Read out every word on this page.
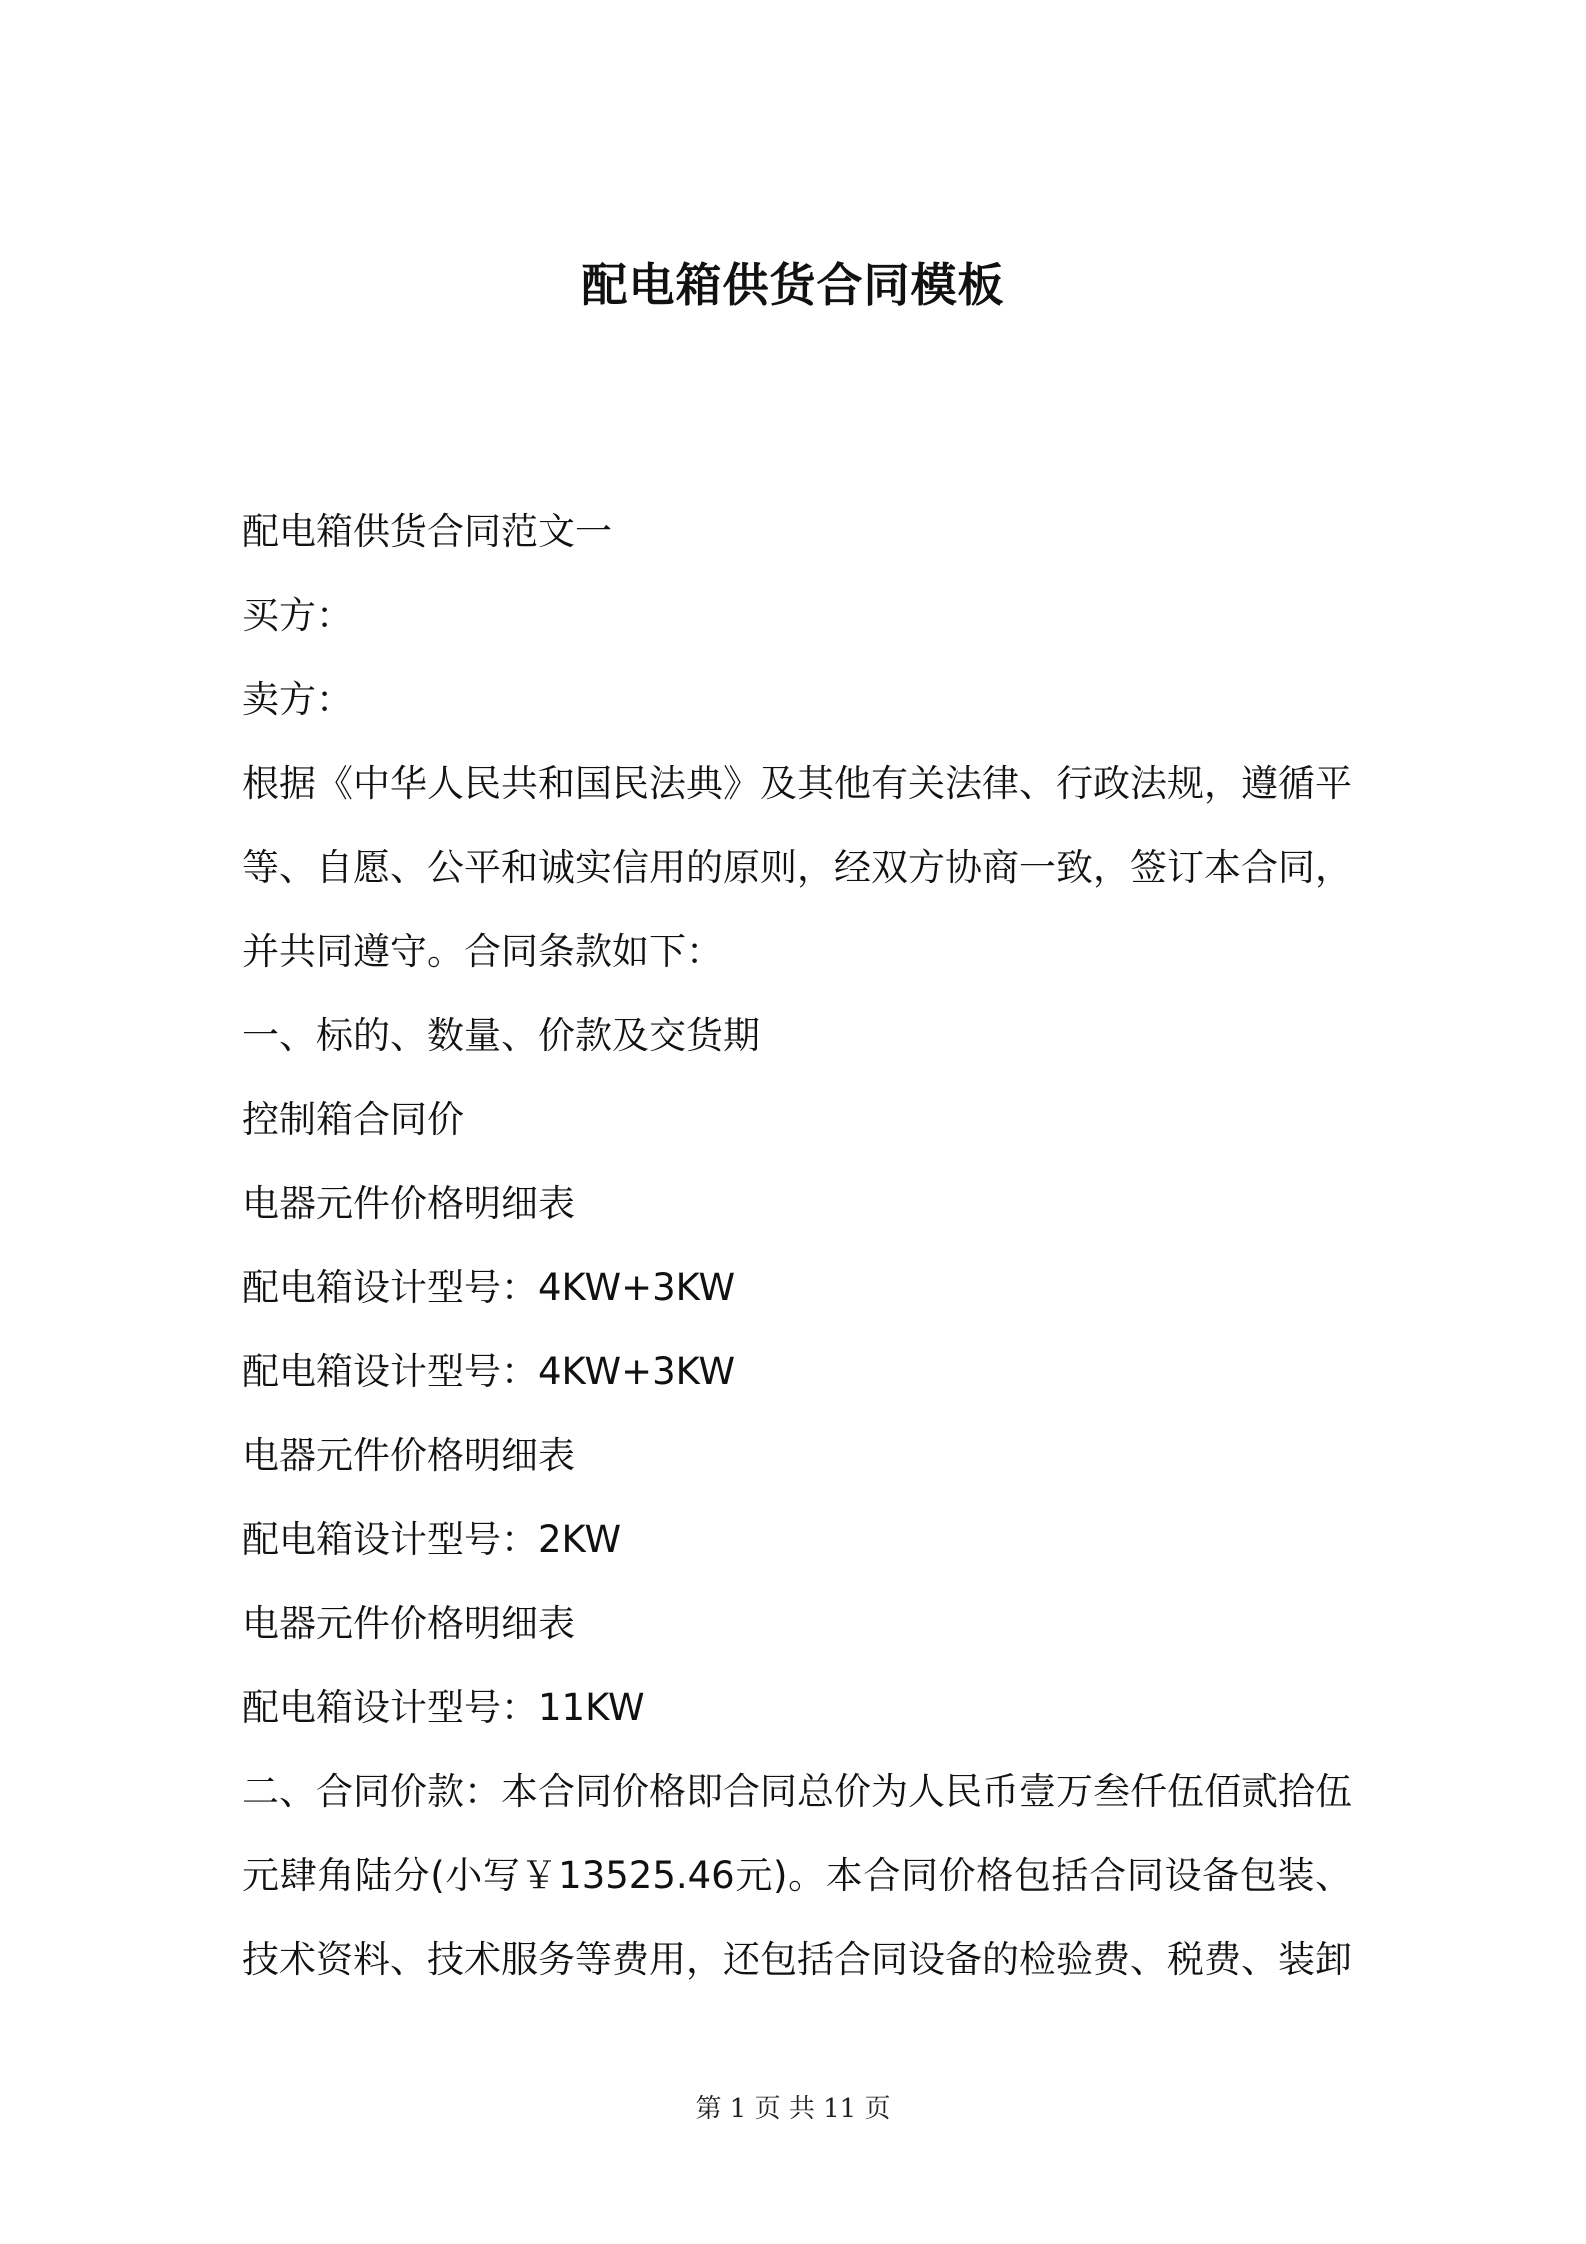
配电箱供货合同模板

配电箱供货合同范文一

买方：

卖方：

根据《中华人民共和国民法典》及其他有关法律、行政法规，遵循平等、自愿、公平和诚实信用的原则，经双方协商一致，签订本合同，并共同遵守。合同条款如下：

一、标的、数量、价款及交货期

控制箱合同价

电器元件价格明细表

配电箱设计型号：4KW+3KW

配电箱设计型号：4KW+3KW

电器元件价格明细表

配电箱设计型号：2KW

电器元件价格明细表

配电箱设计型号：11KW

二、合同价款：本合同价格即合同总价为人民币壹万叁仟伍佰贰拾伍元肆角陆分(小写￥13525.46元)。本合同价格包括合同设备包装、技术资料、技术服务等费用，还包括合同设备的检验费、税费、装卸

第 1 页 共 11 页
